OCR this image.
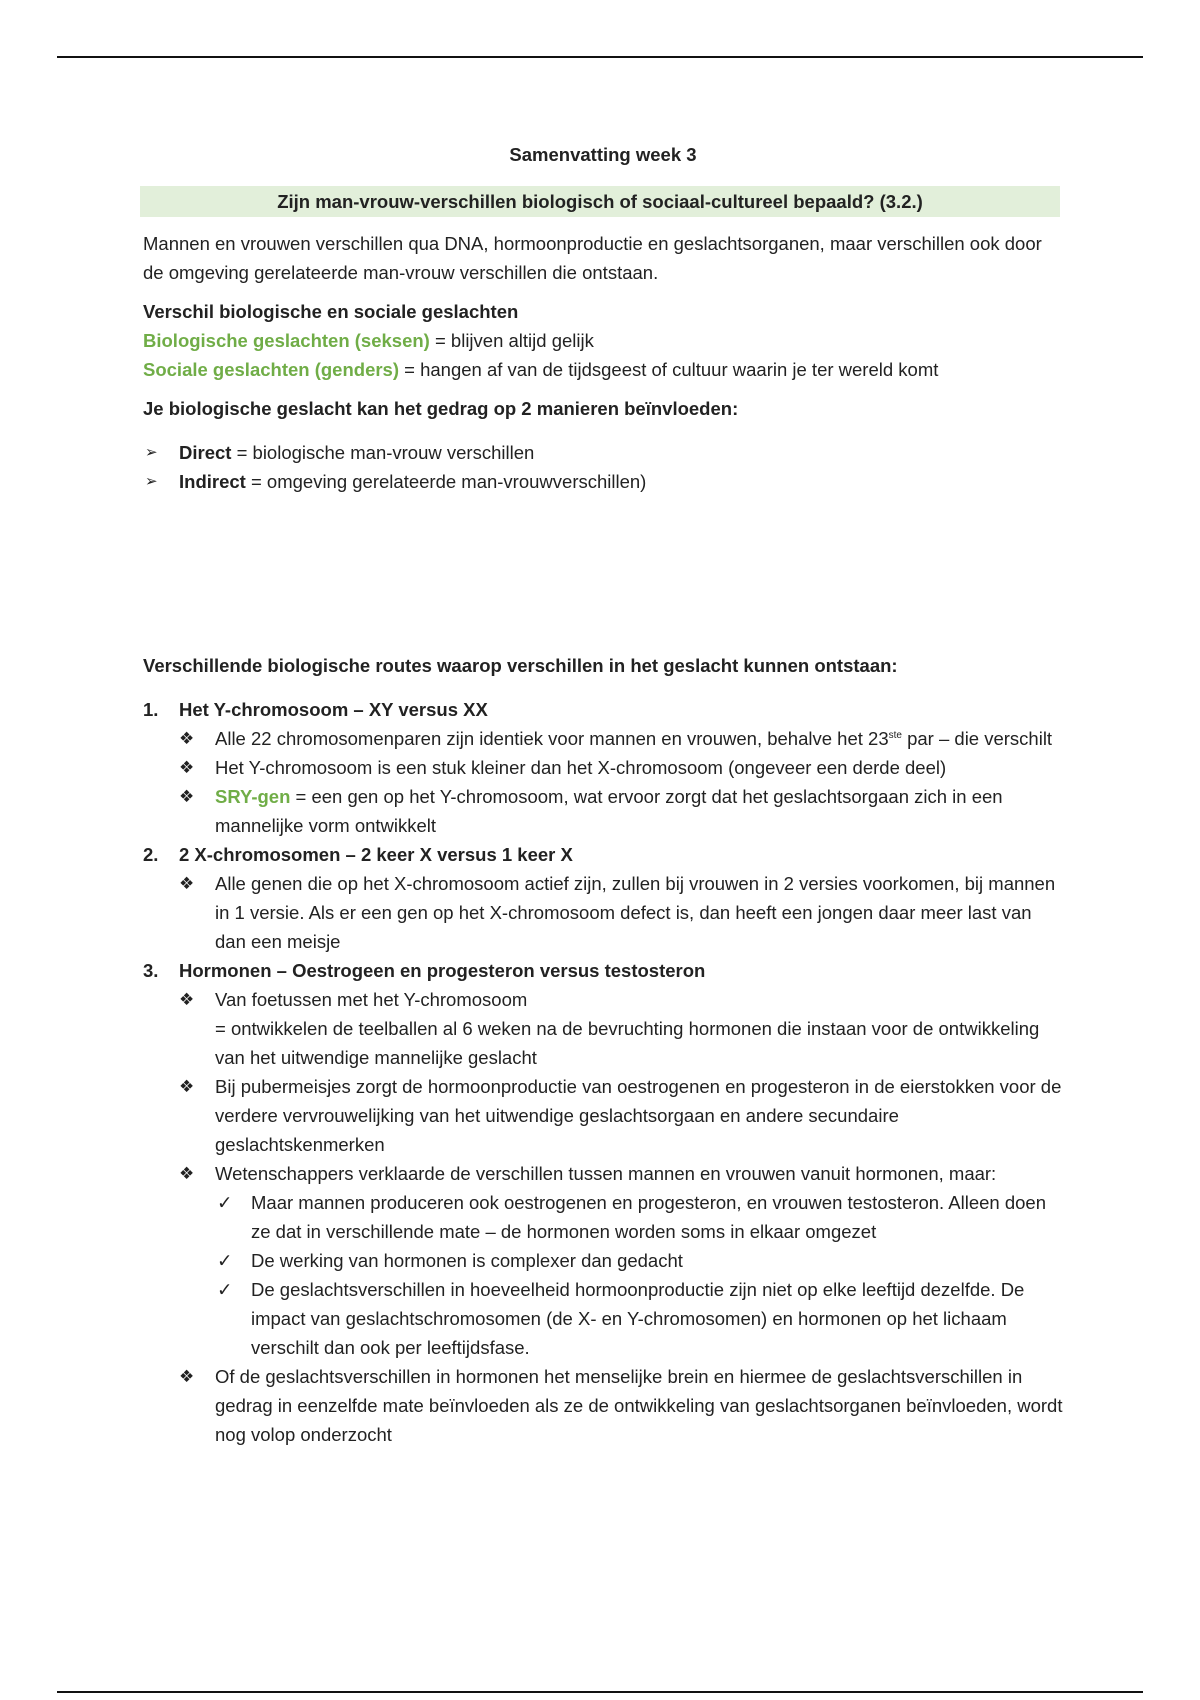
Samenvatting week 3

Zijn man-vrouw-verschillen biologisch of sociaal-cultureel bepaald? (3.2.)

Mannen en vrouwen verschillen qua DNA, hormoonproductie en geslachtsorganen, maar verschillen ook door de omgeving gerelateerde man-vrouw verschillen die ontstaan.

Verschil biologische en sociale geslachten

Biologische geslachten (seksen) = blijven altijd gelijk

Sociale geslachten (genders) = hangen af van de tijdsgeest of cultuur waarin je ter wereld komt

Je biologische geslacht kan het gedrag op 2 manieren beïnvloeden:

➢ Direct = biologische man-vrouw verschillen
➢ Indirect = omgeving gerelateerde man-vrouwverschillen)

Verschillende biologische routes waarop verschillen in het geslacht kunnen ontstaan:

1. Het Y-chromosoom – XY versus XX
❖ Alle 22 chromosomenparen zijn identiek voor mannen en vrouwen, behalve het 23ste par – die verschilt
❖ Het Y-chromosoom is een stuk kleiner dan het X-chromosoom (ongeveer een derde deel)
❖ SRY-gen = een gen op het Y-chromosoom, wat ervoor zorgt dat het geslachtsorgaan zich in een mannelijke vorm ontwikkelt
2. 2 X-chromosomen – 2 keer X versus 1 keer X
❖ Alle genen die op het X-chromosoom actief zijn, zullen bij vrouwen in 2 versies voorkomen, bij mannen in 1 versie. Als er een gen op het X-chromosoom defect is, dan heeft een jongen daar meer last van dan een meisje
3. Hormonen – Oestrogeen en progesteron versus testosteron
❖ Van foetussen met het Y-chromosoom
= ontwikkelen de teelballen al 6 weken na de bevruchting hormonen die instaan voor de ontwikkeling van het uitwendige mannelijke geslacht
❖ Bij pubermeisjes zorgt de hormoonproductie van oestrogenen en progesteron in de eierstokken voor de verdere vervrouwelijking van het uitwendige geslachtsorgaan en andere secundaire geslachtskenmerken
❖ Wetenschappers verklaarde de verschillen tussen mannen en vrouwen vanuit hormonen, maar:
✓ Maar mannen produceren ook oestrogenen en progesteron, en vrouwen testosteron. Alleen doen ze dat in verschillende mate – de hormonen worden soms in elkaar omgezet
✓ De werking van hormonen is complexer dan gedacht
✓ De geslachtsverschillen in hoeveelheid hormoonproductie zijn niet op elke leeftijd dezelfde. De impact van geslachtschromosomen (de X- en Y-chromosomen) en hormonen op het lichaam verschilt dan ook per leeftijdsfase.
❖ Of de geslachtsverschillen in hormonen het menselijke brein en hiermee de geslachtsverschillen in gedrag in eenzelfde mate beïnvloeden als ze de ontwikkeling van geslachtsorganen beïnvloeden, wordt nog volop onderzocht
